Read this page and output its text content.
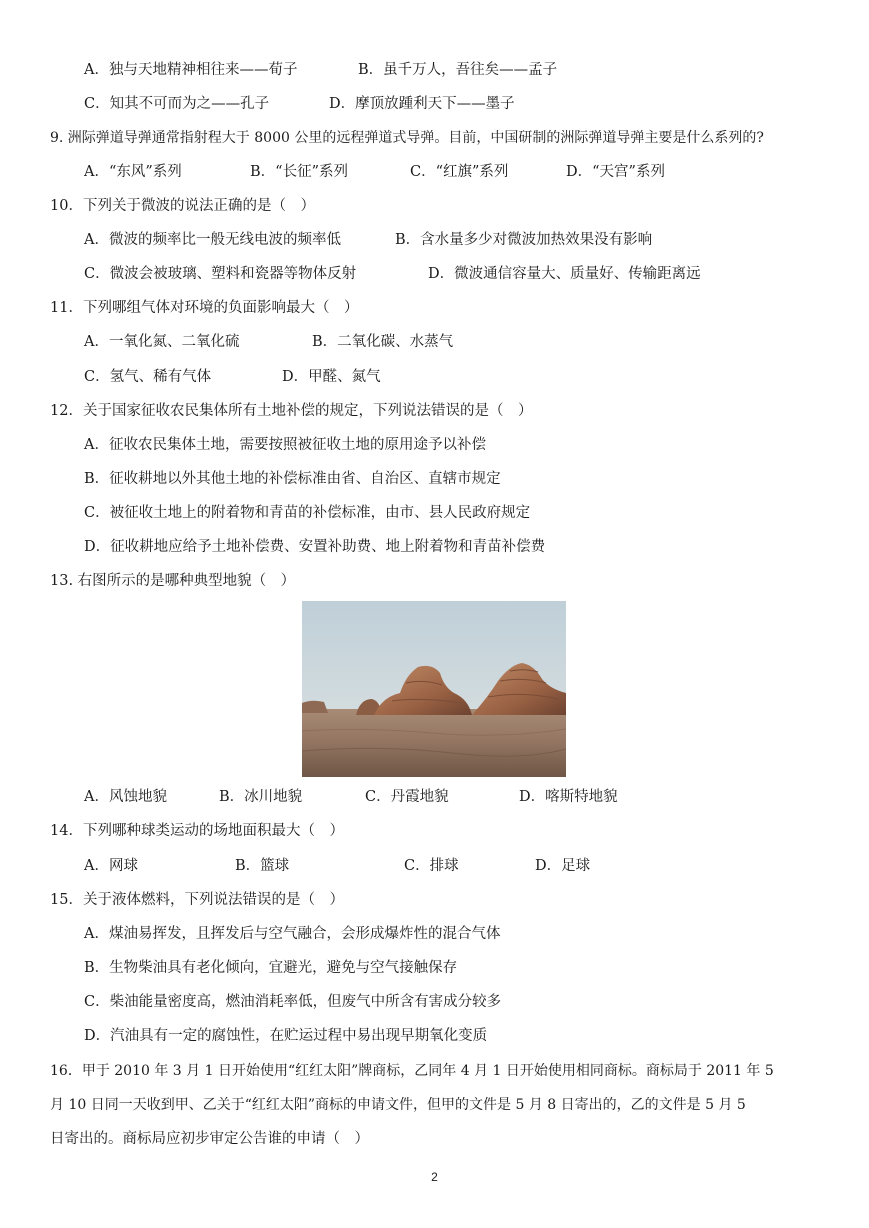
A．独与天地精神相往来——荀子	B．虽千万人，吾往矣——孟子
C．知其不可而为之——孔子	D．摩顶放踵利天下——墨子
9. 洲际弹道导弹通常指射程大于 8000 公里的远程弹道式导弹。目前，中国研制的洲际弹道导弹主要是什么系列的?
A．“东风”系列	B．“长征”系列	C．“红旗”系列	D．“天宫”系列
10．下列关于微波的说法正确的是（　）
A．微波的频率比一般无线电波的频率低	B．含水量多少对微波加热效果没有影响
C．微波会被玻璃、塑料和瓷器等物体反射	D．微波通信容量大、质量好、传输距离远
11．下列哪组气体对环境的负面影响最大（　）
A．一氧化氮、二氧化硫	B．二氧化碳、水蒸气
C．氢气、稀有气体	D．甲醛、氮气
12．关于国家征收农民集体所有土地补偿的规定，下列说法错误的是（　）
A．征收农民集体土地，需要按照被征收土地的原用途予以补偿
B．征收耕地以外其他土地的补偿标准由省、自治区、直辖市规定
C．被征收土地上的附着物和青苗的补偿标准，由市、县人民政府规定
D．征收耕地应给予土地补偿费、安置补助费、地上附着物和青苗补偿费
13. 右图所示的是哪种典型地貌（　）
A．风蚀地貌	B．冰川地貌	C．丹霞地貌	D．喀斯特地貌
14．下列哪种球类运动的场地面积最大（　）
A．网球	B．篮球	C．排球	D．足球
15．关于液体燃料，下列说法错误的是（　）
A．煤油易挥发，且挥发后与空气融合，会形成爆炸性的混合气体
B．生物柴油具有老化倾向，宜避光，避免与空气接触保存
C．柴油能量密度高，燃油消耗率低，但废气中所含有害成分较多
D．汽油具有一定的腐蚀性，在贮运过程中易出现早期氧化变质
16．甲于 2010 年 3 月 1 日开始使用“红红太阳”牌商标，乙同年 4 月 1 日开始使用相同商标。商标局于 2011 年 5
月 10 日同一天收到甲、乙关于“红红太阳”商标的申请文件，但甲的文件是 5 月 8 日寄出的，乙的文件是 5 月 5
日寄出的。商标局应初步审定公告谁的申请（　）
2
